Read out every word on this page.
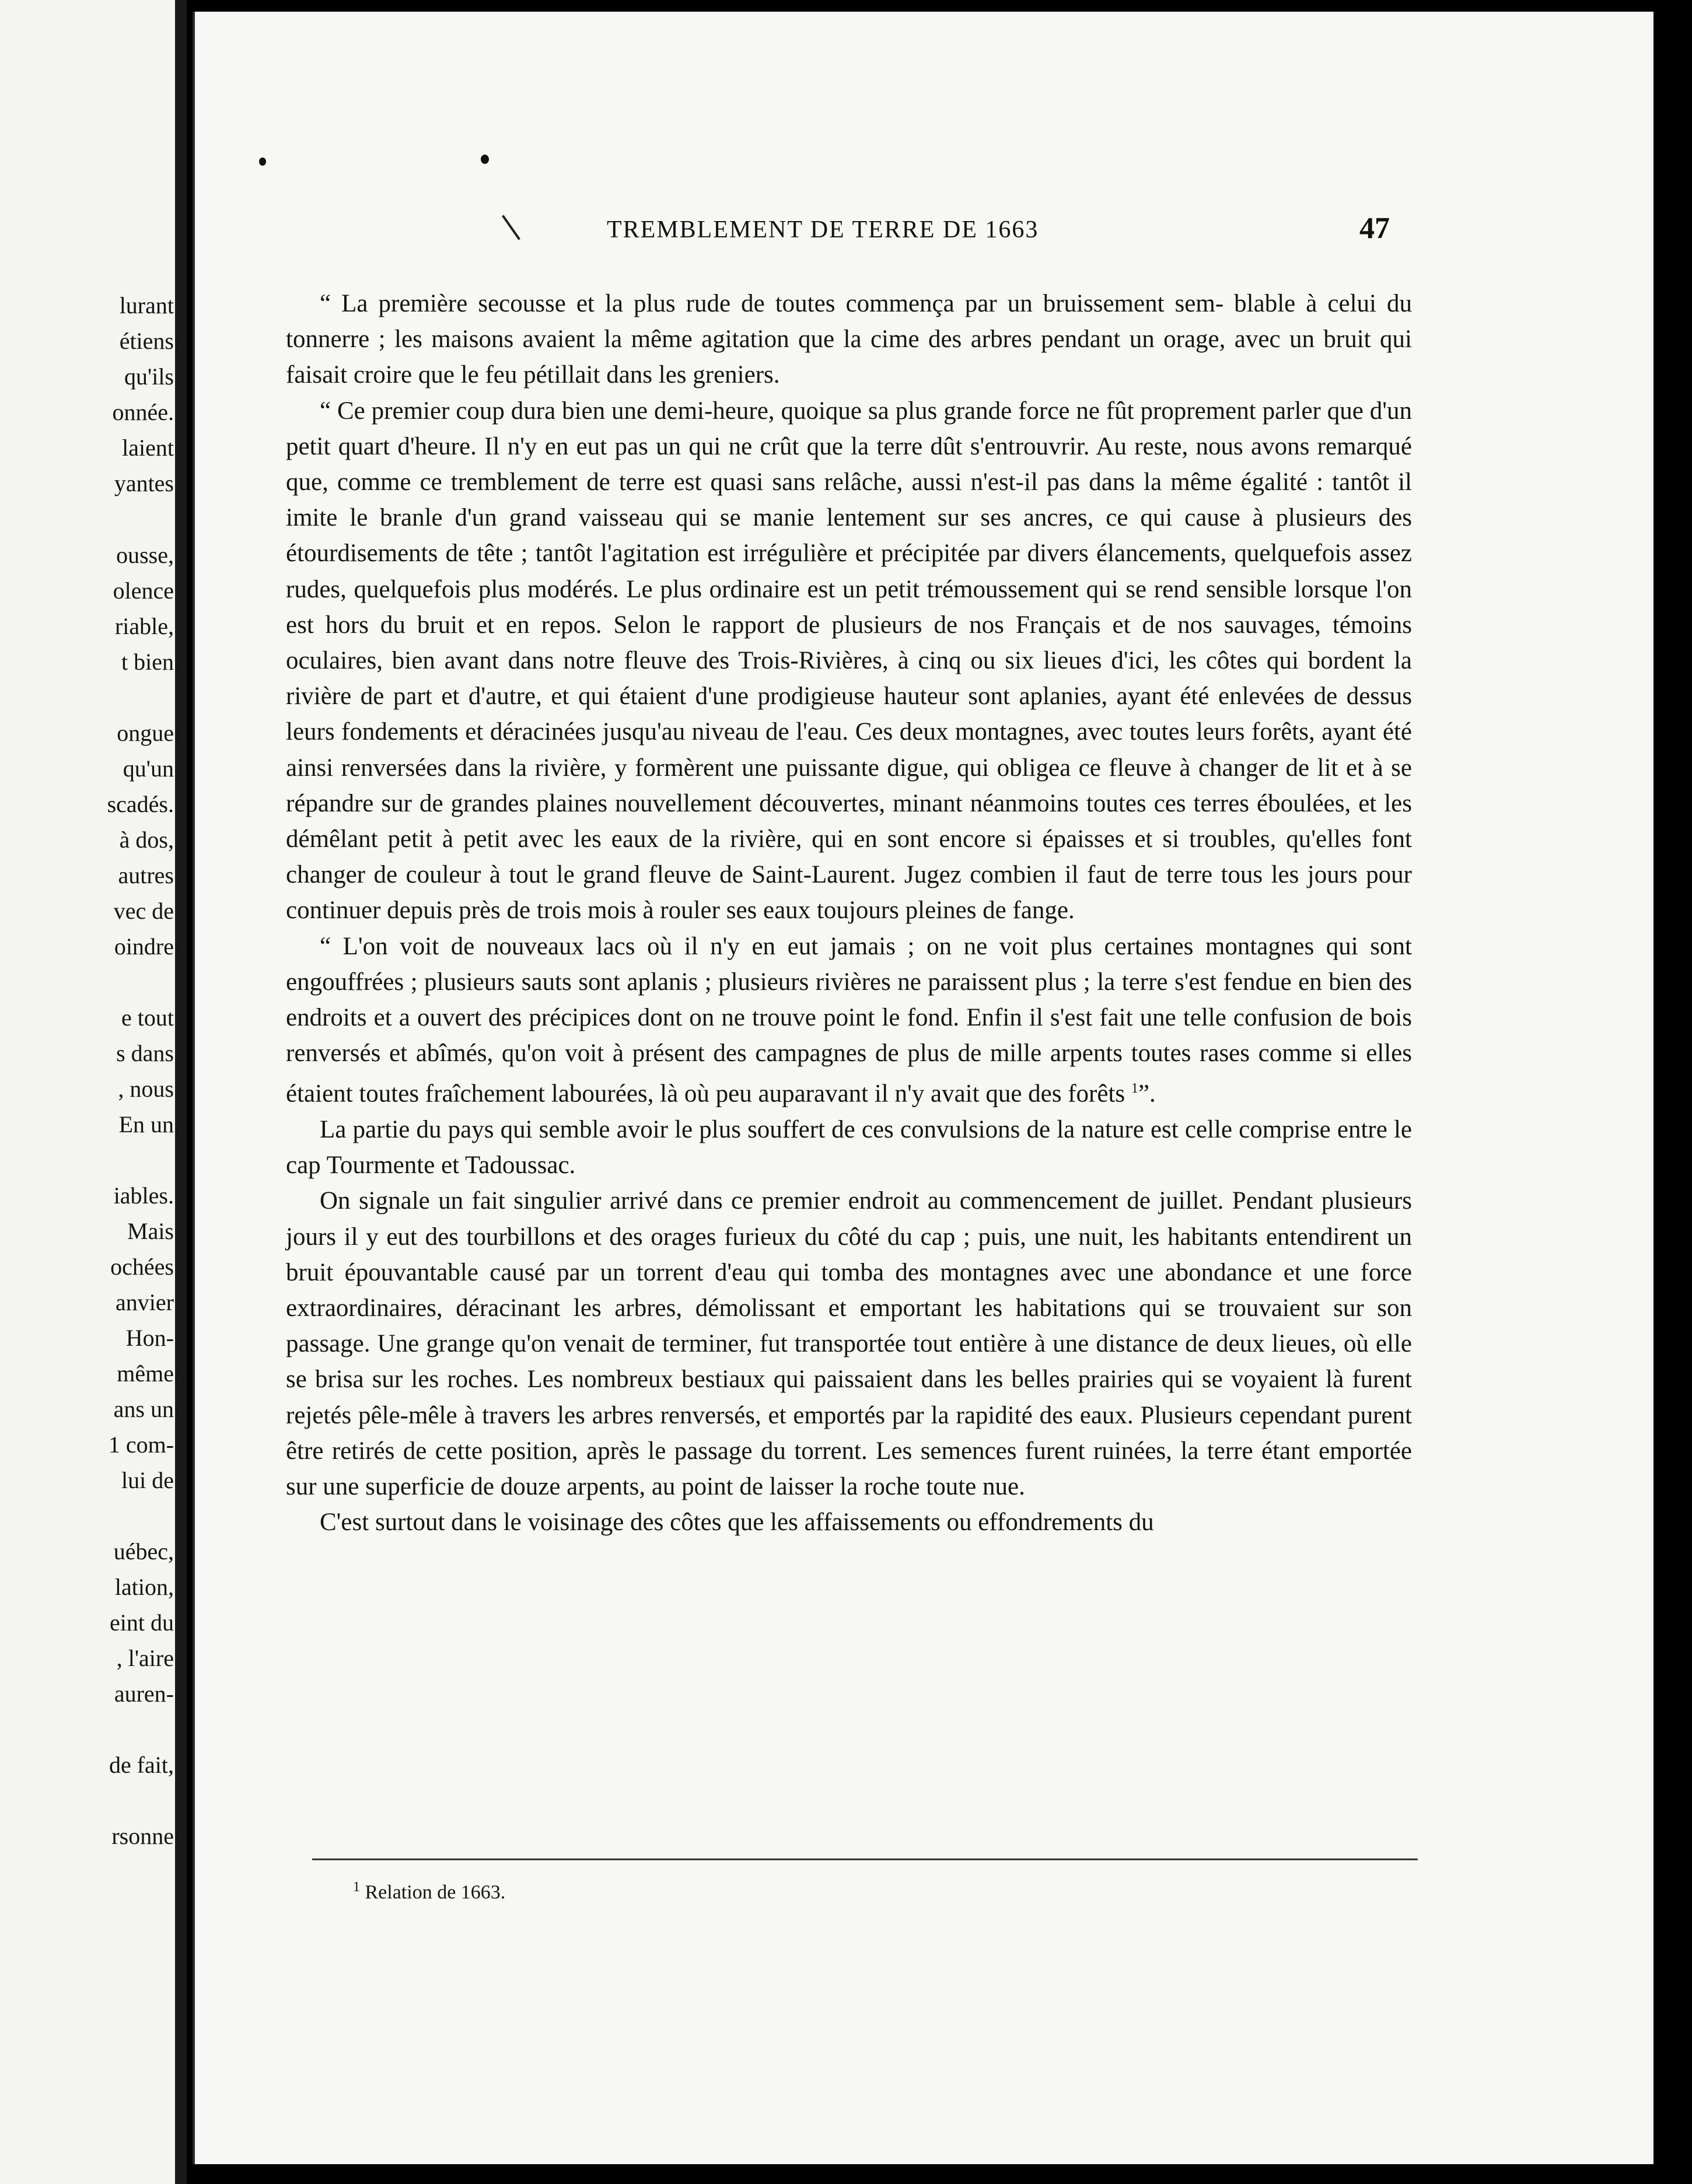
lurant
étiens
qu'ils
onnée.
laient
yantes
ousse,
olence
riable,
t bien
ongue
qu'un
scadés.
à dos,
autres
vec de
oindre
e tout
s dans
, nous
En un
iables.
Mais
ochées
anvier
Hon-
même
ans un
1 com-
lui de
uébec,
lation,
eint du
, l'aire
auren-
de fait,
rsonne
TREMBLEMENT DE TERRE DE 1663	47

“ La première secousse et la plus rude de toutes commença par un bruissement sem- blable à celui du tonnerre ; les maisons avaient la même agitation que la cime des arbres pendant un orage, avec un bruit qui faisait croire que le feu pétillait dans les greniers.

“ Ce premier coup dura bien une demi-heure, quoique sa plus grande force ne fût proprement parler que d'un petit quart d'heure. Il n'y en eut pas un qui ne crût que la terre dût s'entrouvrir. Au reste, nous avons remarqué que, comme ce tremblement de terre est quasi sans relâche, aussi n'est-il pas dans la même égalité : tantôt il imite le branle d'un grand vaisseau qui se manie lentement sur ses ancres, ce qui cause à plusieurs des étourdisements de tête ; tantôt l'agitation est irrégulière et précipitée par divers élancements, quelquefois assez rudes, quelquefois plus modérés. Le plus ordinaire est un petit trémoussement qui se rend sensible lorsque l'on est hors du bruit et en repos. Selon le rapport de plusieurs de nos Français et de nos sauvages, témoins oculaires, bien avant dans notre fleuve des Trois-Rivières, à cinq ou six lieues d'ici, les côtes qui bordent la rivière de part et d'autre, et qui étaient d'une prodigieuse hauteur sont aplanies, ayant été enlevées de dessus leurs fondements et déracinées jusqu'au niveau de l'eau. Ces deux montagnes, avec toutes leurs forêts, ayant été ainsi renversées dans la rivière, y formèrent une puissante digue, qui obligea ce fleuve à changer de lit et à se répandre sur de grandes plaines nouvellement découvertes, minant néanmoins toutes ces terres éboulées, et les démêlant petit à petit avec les eaux de la rivière, qui en sont encore si épaisses et si troubles, qu'elles font changer de couleur à tout le grand fleuve de Saint-Laurent. Jugez combien il faut de terre tous les jours pour continuer depuis près de trois mois à rouler ses eaux toujours pleines de fange.

“ L'on voit de nouveaux lacs où il n'y en eut jamais ; on ne voit plus certaines montagnes qui sont engouffrées ; plusieurs sauts sont aplanis ; plusieurs rivières ne paraissent plus ; la terre s'est fendue en bien des endroits et a ouvert des précipices dont on ne trouve point le fond. Enfin il s'est fait une telle confusion de bois renversés et abîmés, qu'on voit à présent des campagnes de plus de mille arpents toutes rases comme si elles étaient toutes fraîchement labourées, là où peu auparavant il n'y avait que des forêts $^1$”.

La partie du pays qui semble avoir le plus souffert de ces convulsions de la nature est celle comprise entre le cap Tourmente et Tadoussac.

On signale un fait singulier arrivé dans ce premier endroit au commencement de juillet. Pendant plusieurs jours il y eut des tourbillons et des orages furieux du côté du cap ; puis, une nuit, les habitants entendirent un bruit épouvantable causé par un torrent d'eau qui tomba des montagnes avec une abondance et une force extraordinaires, déracinant les arbres, démolissant et emportant les habitations qui se trouvaient sur son passage. Une grange qu'on venait de terminer, fut transportée tout entière à une distance de deux lieues, où elle se brisa sur les roches. Les nombreux bestiaux qui paissaient dans les belles prairies qui se voyaient là furent rejetés pêle-mêle à travers les arbres renversés, et emportés par la rapidité des eaux. Plusieurs cependant purent être retirés de cette position, après le passage du torrent. Les semences furent ruinées, la terre étant emportée sur une superficie de douze arpents, au point de laisser la roche toute nue.

C'est surtout dans le voisinage des côtes que les affaissements ou effondrements du

$^1$ Relation de 1663.
